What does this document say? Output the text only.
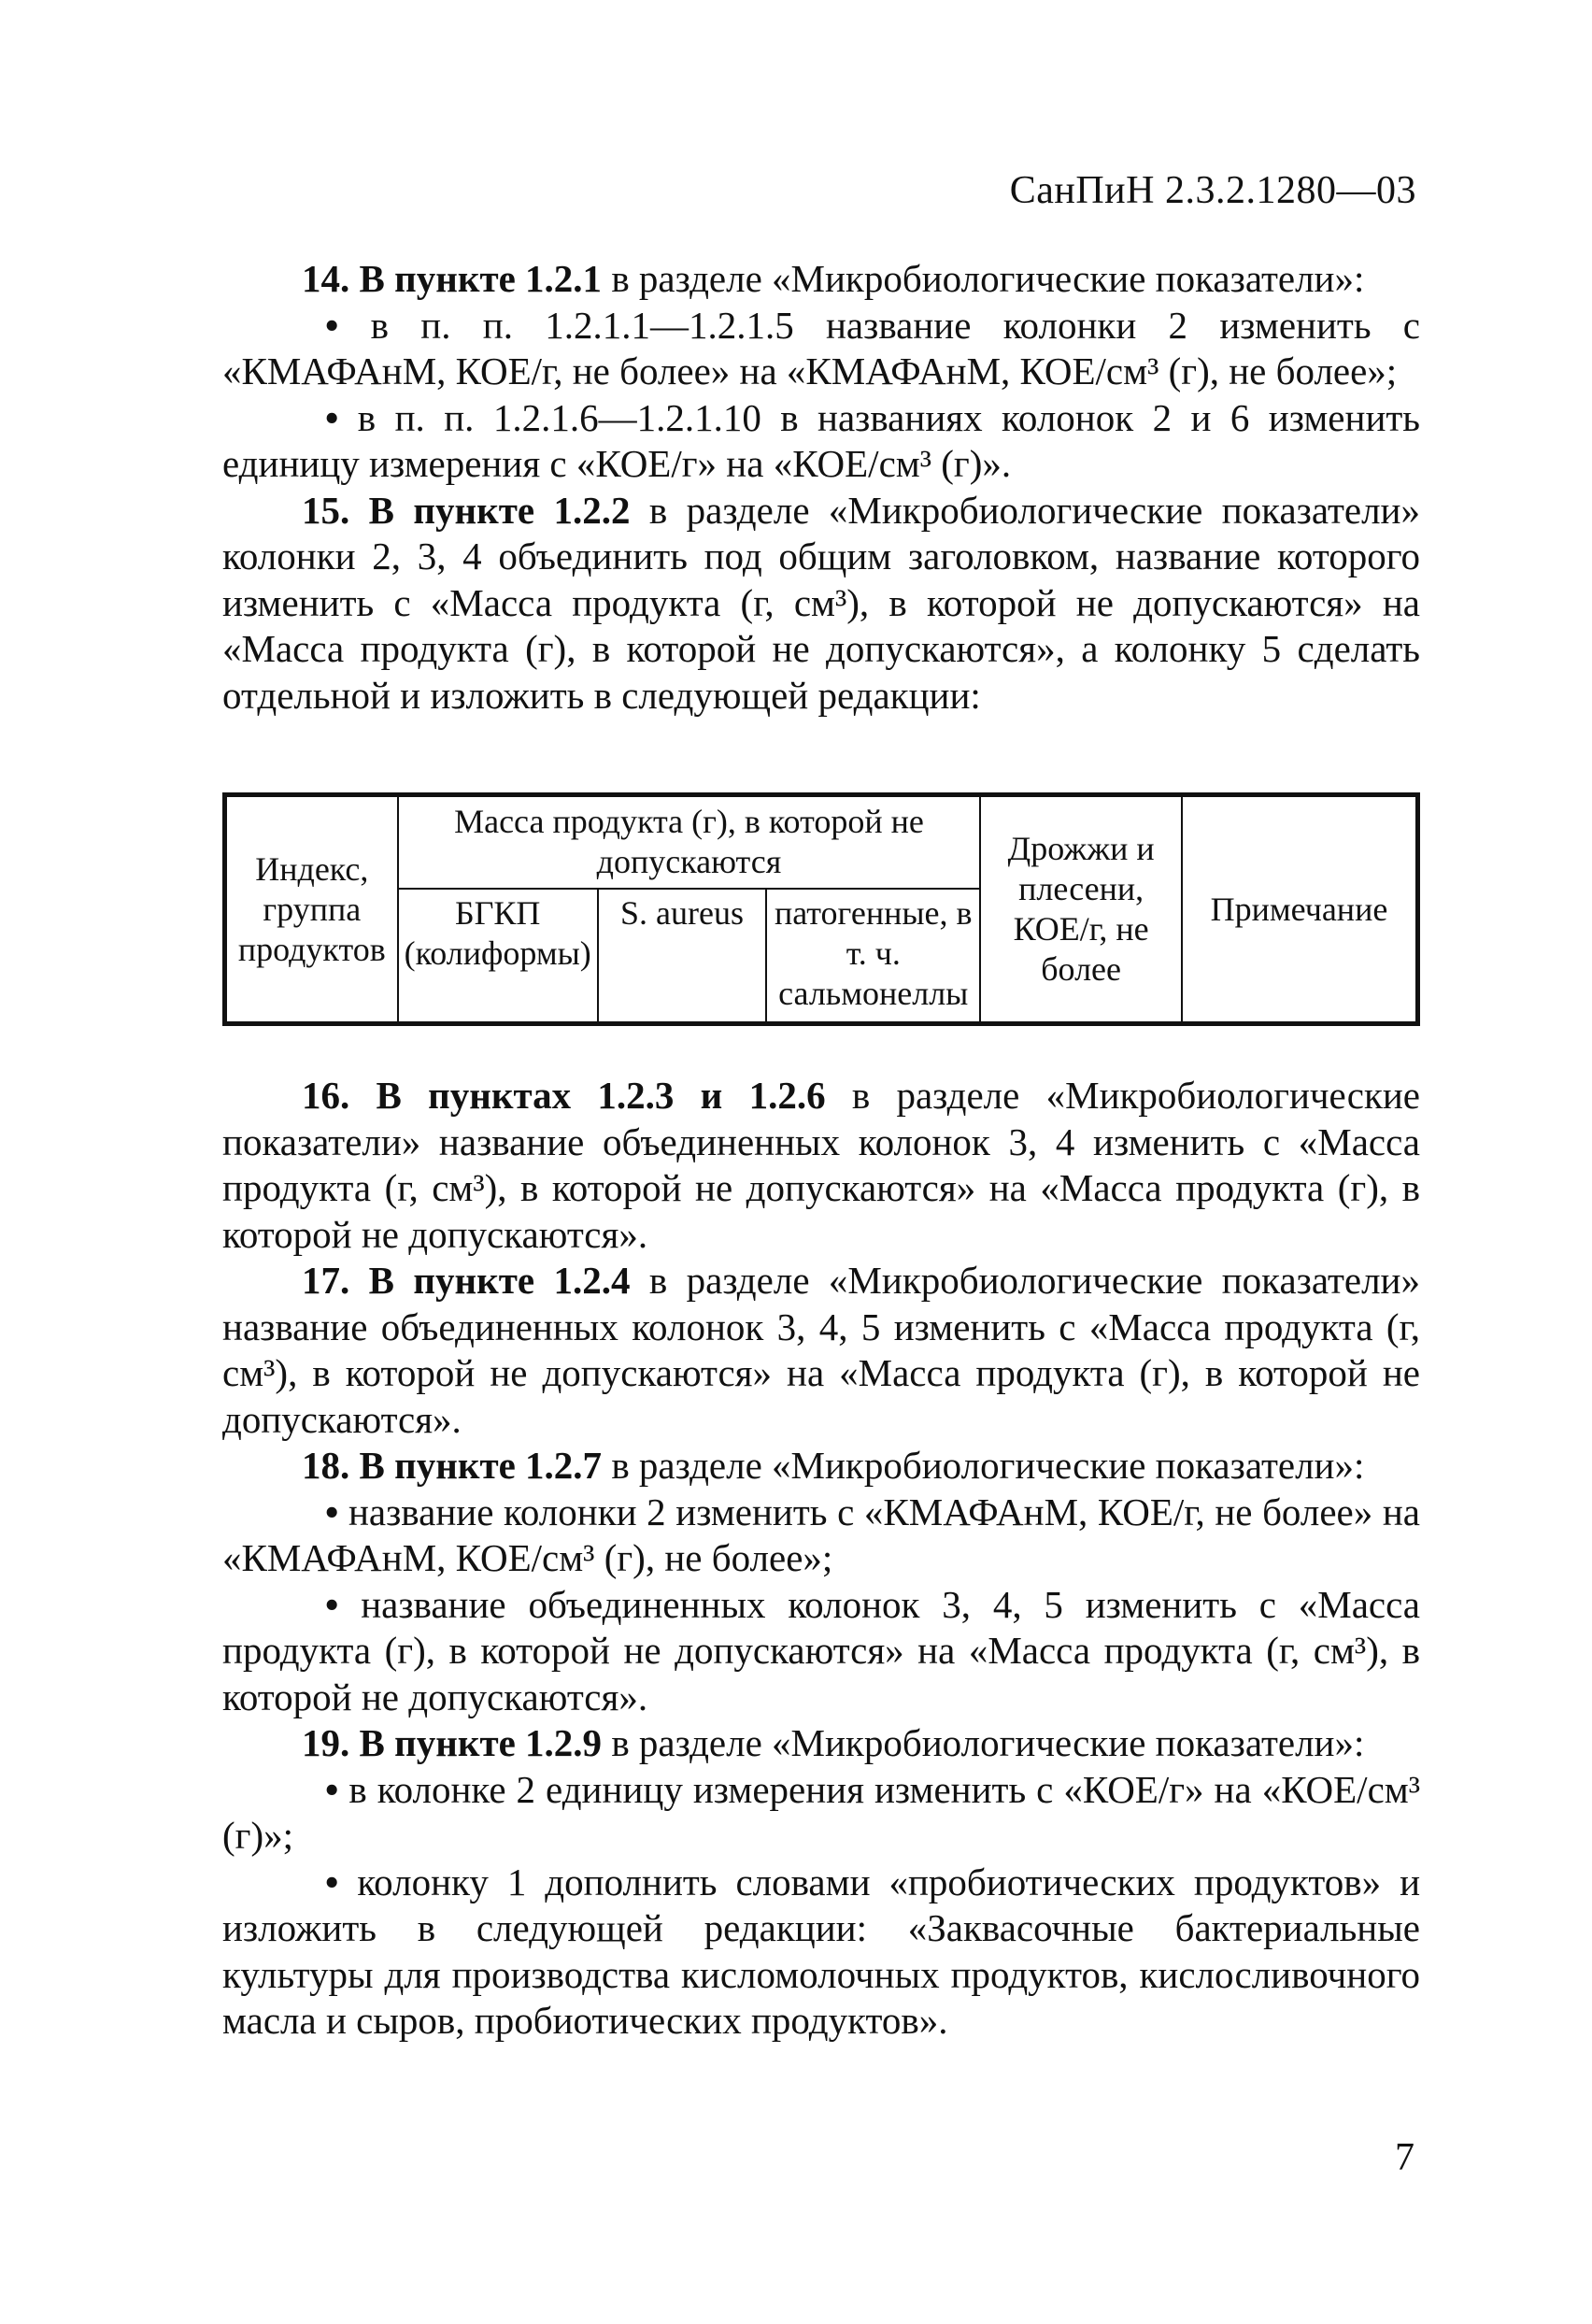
СанПиН 2.3.2.1280—03

14. В пункте 1.2.1 в разделе «Микробиологические показатели»:

• в п. п. 1.2.1.1—1.2.1.5 название колонки 2 изменить с «КМАФАнМ, КОЕ/г, не более» на «КМАФАнМ, КОЕ/см³ (г), не более»;

• в п. п. 1.2.1.6—1.2.1.10 в названиях колонок 2 и 6 изменить единицу измерения с «КОЕ/г» на «КОЕ/см³ (г)».

15. В пункте 1.2.2 в разделе «Микробиологические показатели» колонки 2, 3, 4 объединить под общим заголовком, название которого изменить с «Масса продукта (г, см³), в которой не допускаются» на «Масса продукта (г), в которой не допускаются», а колонку 5 сделать отдельной и изложить в следующей редакции:

Индекс, группа продуктов	Масса продукта (г), в которой не допускаются			Дрожжи и плесени, КОЕ/г, не более	Примечание
	БГКП (колиформы)	S. aureus	патогенные, в т. ч. сальмонеллы		

16. В пунктах 1.2.3 и 1.2.6 в разделе «Микробиологические показатели» название объединенных колонок 3, 4 изменить с «Масса продукта (г, см³), в которой не допускаются» на «Масса продукта (г), в которой не допускаются».

17. В пункте 1.2.4 в разделе «Микробиологические показатели» название объединенных колонок 3, 4, 5 изменить с «Масса продукта (г, см³), в которой не допускаются» на «Масса продукта (г), в которой не допускаются».

18. В пункте 1.2.7 в разделе «Микробиологические показатели»:

• название колонки 2 изменить с «КМАФАнМ, КОЕ/г, не более» на «КМАФАнМ, КОЕ/см³ (г), не более»;

• название объединенных колонок 3, 4, 5 изменить с «Масса продукта (г), в которой не допускаются» на «Масса продукта (г, см³), в которой не допускаются».

19. В пункте 1.2.9 в разделе «Микробиологические показатели»:

• в колонке 2 единицу измерения изменить с «КОЕ/г» на «КОЕ/см³ (г)»;

• колонку 1 дополнить словами «пробиотических продуктов» и изложить в следующей редакции: «Заквасочные бактериальные культуры для производства кисломолочных продуктов, кислосливочного масла и сыров, пробиотических продуктов».

7
